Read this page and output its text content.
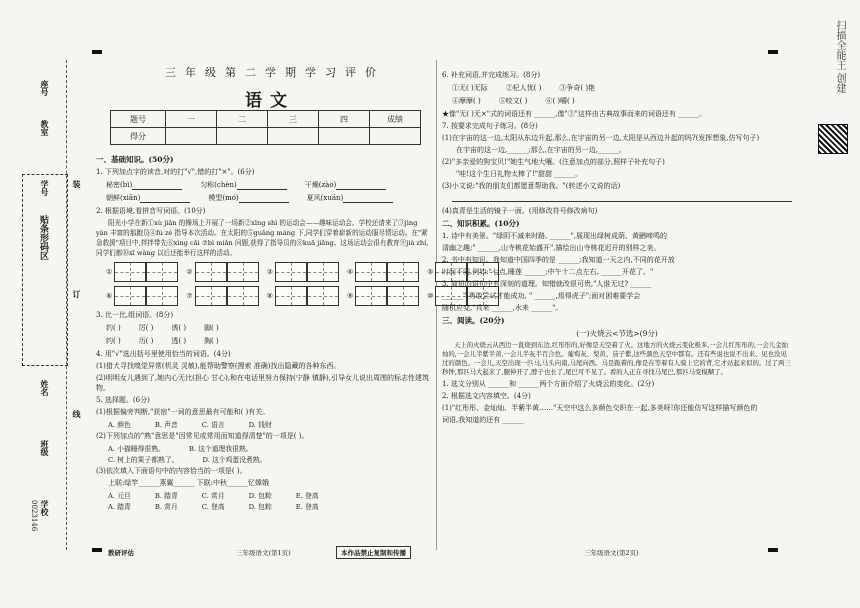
扫描全能王 创建
座号
教室
学号
姓名
班级
学校
装
订
线
贴条形码区
0023146
三年级第二学期学习评价
语文
题号	一	二	三	四	成绩
得分					
一、基础知识。(50分)
1. 下列加点字的读音,对的打"√",错的打"×"。(6分)
秘密(bì)	匀称(chèn)	干燥(zào)
朝鲜(xiān)	模型(mó)	夏风(xuán)
2. 根据语境,看拼音写词语。(10分)
阳光小学在新①xù jiān 的操场上开展了一场新②xīng shì 的运动会——趣味运动会。学校还请来了③jìng yàn 丰富的那跑员④fù zé 指导本次活动。在太阳的⑤guāng máng 下,同学们穿着崭新的运动服尽情运动。在"紧急救援"项目中,拌拌带先⑥xìng cǎi ⑦bì miǎn 问题,获得了指导员的⑧kuā jiǎng。这场运动会很有教育⑨jià zhí,同学们都⑩xī wàng 以后还能举行这样的活动。
①	②	③	④	⑤
⑥	⑦	⑧	⑨	⑩
3. 比一比,组词语。(8分)
钓( )	厉( )	诱( )	脚( )
约( )	历( )	透( )	胸( )
4. 用"√"选出括号里使用恰当的词语。(4分)
(1)猎犬寻找嗅觉异常(机灵 灵敏),能帮助警察(搜索 准确)找出隐藏的各种东西。
(2)明明女儿遇到了,她内心无比(担心 甘心),和在电话里努力保持(宁静 镇静),引导女儿说出周围的标志性建筑物。
5. 选择题。(6分)
(1)根据偏旁判断,"获宿"一词的意思最有可能和( )有关。
A. 颜色	B. 声音	C. 语言	D. 钱财
(2)下列加点的"熟"意思是"因常见或常用而知道得清楚"的一项是( )。
A. 小猫睡得很熟。	B. 这个道理我很熟。
C. 树上的果子都熟了。	D. 这个鸡蛋没煮熟。
(3)依次填入下面语句中的内容恰当的一项是( )。
上联:绿竿______燕翼______ 下联:中秋______忆嫦娥
A. 元旦	B. 踏青	C. 赏月	D. 包粽	E. 登高
A. 踏青	B. 赏月	C. 登高	D. 包粽	E. 登高
6. 补充词语,并完成练习。(8分)
①无( )无际	②杞人忧( )	③争奇( )艳
④摩摩( )	⑤咬文( )	⑥( )嚼( )
★像"无( )无×"式的词语还有 ______,像"③"这样由古典故事而来的词语还有 ______。
7. 按要求完成句子练习。(8分)
(1)在宇宙的这一边,太阳从东边升起,那么,在宇宙的另一边,太阳是从西边升起的吗?(发挥想象,仿写句子)
在宇宙的这一边,______;那么,在宇宙的另一边,______。
(2)"多亲爱的狗宝贝!"她生气地大嚷。(注意加点的部分,照样子补充句子)
"哇!这个生日礼物太棒了!"甜甜 ______。
(3)小文说:"我的朋友们都愿意帮助我。"(转述小文说的话)
(4)真青是生活的镜子一面。(用修改符号修改病句)
二、知识积累。(10分)
1. 诗中有美景。"绿阴不减来时路, ______",展现出绿树成荫、黄鹂啼鸣的
清幽之趣;" ______,山寺桃花始盛开",描绘出山寺桃花迟开的别样之美。
2. 书中有知识。我知道中国四季的是 ______;我知道一天之内,不同的花开放
时间不同,例如:"七点,睡莲 ______;中午十二点左右, ______开花了。"
3. 简短的语句中有深刻的道理。知错就改很可贵,"人谁无过? ______
______";勇敢尝试才能成功, " ______,焉得虎子";面对困难要学会
随机应变,"兵来 ______,水来 ______"。
三、阅读。(20分)
(一)火烧云<节选>(9分)
天上的火烧云从西边一直烧到东边,红彤彤的,好像是天空着了火。这地方的火烧云变化极多,一会儿红彤彤的,一会儿金灿灿的,一会儿半紫半黄,一会儿半灰半百合色。葡萄灰、梨黄、茄子紫,这些颜色天空中都有。还有些说也说不出来、见也没见过的颜色。一会儿,天空出现一匹马,马头向南,马尾向西。马是跪着的,像是在等着有人骑上它的背,它才站起来似的。过了两三秒钟,那匹马大起来了,腿伸开了,脖子也长了,尾巴可不见了。看的人正在寻找马尾巴,那匹马变模糊了。
1. 选文分别从 ______和 ______两个方面介绍了火烧云的变化。(2分)
2. 根据选文内容填空。(4分)
(1)"红彤彤、金灿灿、半紫半黄……"天空中这么多颜色交织在一起,多美呀!你还能仿写这样描写颜色的
词语,我知道的还有 ______
教研评估	三年级语文(第1页)	本作品禁止复制和传播	三年级语文(第2页)
